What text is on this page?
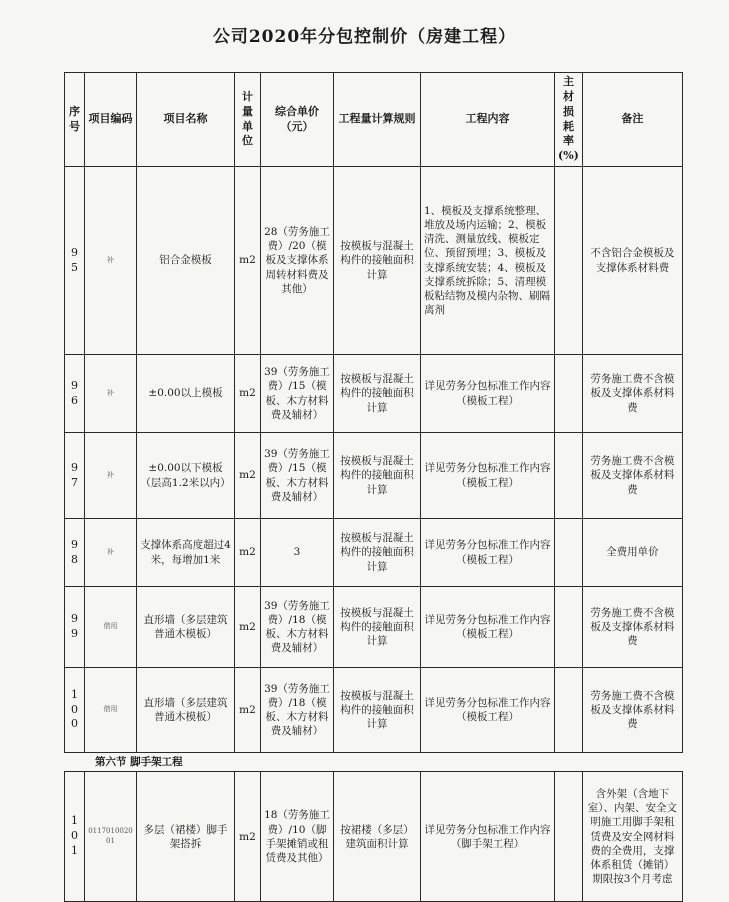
公司2020年分包控制价（房建工程）
序号	项目编码	项目名称	计量单位	综合单价（元）	工程量计算规则	工程内容	主材损耗率(%)	备注
95	补	铝合金模板	m2	28（劳务施工费）/20（模板及支撑体系周转材料费及其他）	按模板与混凝土构件的接触面积计算	1、模板及支撑系统整理、堆放及场内运输；2、模板清洗、测量放线、模板定位、预留预埋；3、模板及支撑系统安装；4、模板及支撑系统拆除；5、清理模板粘结物及模内杂物、刷隔离剂		不含铝合金模板及支撑体系材料费
96	补	±0.00以上模板	m2	39（劳务施工费）/15（模板、木方材料费及辅材）	按模板与混凝土构件的接触面积计算	详见劳务分包标准工作内容（模板工程）		劳务施工费不含模板及支撑体系材料费
97	补	±0.00以下模板（层高1.2米以内）	m2	39（劳务施工费）/15（模板、木方材料费及辅材）	按模板与混凝土构件的接触面积计算	详见劳务分包标准工作内容（模板工程）		劳务施工费不含模板及支撑体系材料费
98	补	支撑体系高度超过4米，每增加1米	m2	3	按模板与混凝土构件的接触面积计算	详见劳务分包标准工作内容（模板工程）		全费用单价
99	借用	直形墙（多层建筑普通木模板）	m2	39（劳务施工费）/18（模板、木方材料费及辅材）	按模板与混凝土构件的接触面积计算	详见劳务分包标准工作内容（模板工程）		劳务施工费不含模板及支撑体系材料费
100	借用	直形墙（多层建筑普通木模板）	m2	39（劳务施工费）/18（模板、木方材料费及辅材）	按模板与混凝土构件的接触面积计算	详见劳务分包标准工作内容（模板工程）		劳务施工费不含模板及支撑体系材料费
第六节 脚手架工程								
101	011701002001	多层（裙楼）脚手架搭拆	m2	18（劳务施工费）/10（脚手架摊销或租赁费及其他）	按裙楼（多层）建筑面积计算	详见劳务分包标准工作内容（脚手架工程）		含外架（含地下室）、内架、安全文明施工用脚手架租赁费及安全网材料费的全费用，支撑体系租赁（摊销）期限按3个月考虑
